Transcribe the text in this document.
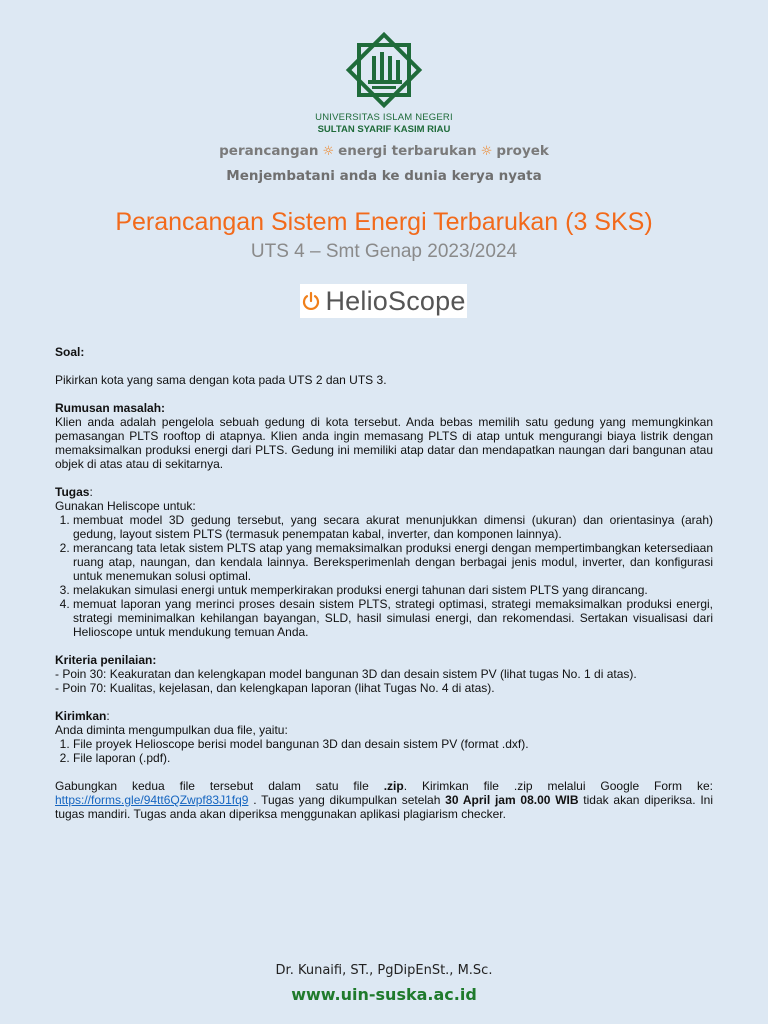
UNIVERSITAS ISLAM NEGERI
SULTAN SYARIF KASIM RIAU
perancangan ☼ energi terbarukan ☼ proyek
Menjembatani anda ke dunia kerya nyata
Perancangan Sistem Energi Terbarukan (3 SKS)
UTS 4 – Smt Genap 2023/2024
HelioScope

Soal:

Pikirkan kota yang sama dengan kota pada UTS 2 dan UTS 3.

Rumusan masalah:

Klien anda adalah pengelola sebuah gedung di kota tersebut. Anda bebas memilih satu gedung yang memungkinkan pemasangan PLTS rooftop di atapnya. Klien anda ingin memasang PLTS di atap untuk mengurangi biaya listrik dengan memaksimalkan produksi energi dari PLTS. Gedung ini memiliki atap datar dan mendapatkan naungan dari bangunan atau objek di atas atau di sekitarnya.

Tugas:

Gunakan Heliscope untuk:

1. membuat model 3D gedung tersebut, yang secara akurat menunjukkan dimensi (ukuran) dan orientasinya (arah) gedung, layout sistem PLTS (termasuk penempatan kabal, inverter, dan komponen lainnya).
2. merancang tata letak sistem PLTS atap yang memaksimalkan produksi energi dengan mempertimbangkan ketersediaan ruang atap, naungan, dan kendala lainnya. Bereksperimenlah dengan berbagai jenis modul, inverter, dan konfigurasi untuk menemukan solusi optimal.
3. melakukan simulasi energi untuk memperkirakan produksi energi tahunan dari sistem PLTS yang dirancang.
4. memuat laporan yang merinci proses desain sistem PLTS, strategi optimasi, strategi memaksimalkan produksi energi, strategi meminimalkan kehilangan bayangan, SLD, hasil simulasi energi, dan rekomendasi. Sertakan visualisasi dari Helioscope untuk mendukung temuan Anda.

Kriteria penilaian:

- Poin 30: Keakuratan dan kelengkapan model bangunan 3D dan desain sistem PV (lihat tugas No. 1 di atas).

- Poin 70: Kualitas, kejelasan, dan kelengkapan laporan (lihat Tugas No. 4 di atas).

Kirimkan:

Anda diminta mengumpulkan dua file, yaitu:

1. File proyek Helioscope berisi model bangunan 3D dan desain sistem PV (format .dxf).
2. File laporan (.pdf).

Gabungkan kedua file tersebut dalam satu file .zip. Kirimkan file .zip melalui Google Form ke: https://forms.gle/94tt6QZwpf83J1fq9 . Tugas yang dikumpulkan setelah 30 April jam 08.00 WIB tidak akan diperiksa. Ini tugas mandiri. Tugas anda akan diperiksa menggunakan aplikasi plagiarism checker.

Dr. Kunaifi, ST., PgDipEnSt., M.Sc.
www.uin-suska.ac.id
